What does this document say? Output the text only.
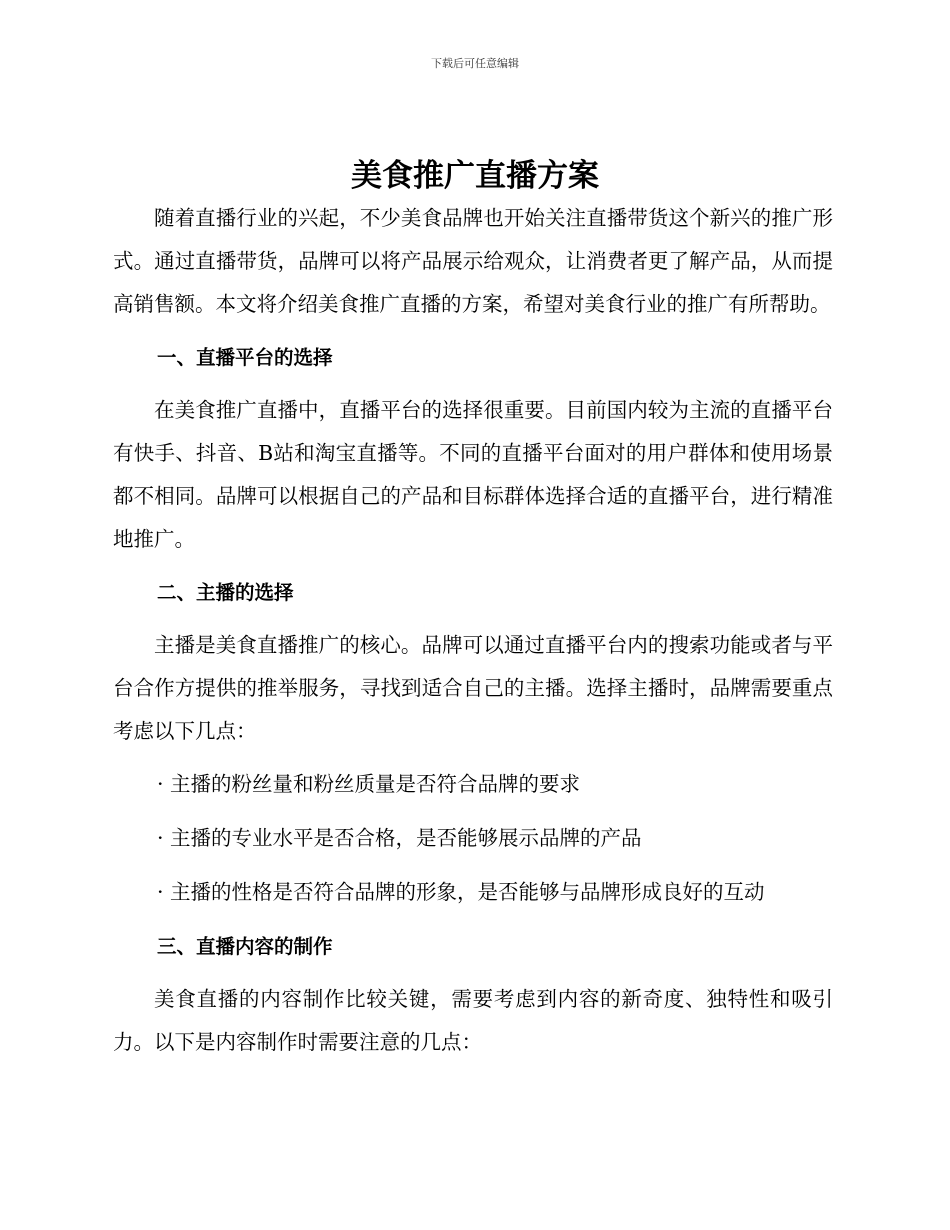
下载后可任意编辑
美食推广直播方案

随着直播行业的兴起，不少美食品牌也开始关注直播带货这个新兴的推广形式。通过直播带货，品牌可以将产品展示给观众，让消费者更了解产品，从而提高销售额。本文将介绍美食推广直播的方案，希望对美食行业的推广有所帮助。

一、直播平台的选择

在美食推广直播中，直播平台的选择很重要。目前国内较为主流的直播平台有快手、抖音、B站和淘宝直播等。不同的直播平台面对的用户群体和使用场景都不相同。品牌可以根据自己的产品和目标群体选择合适的直播平台，进行精准地推广。

二、主播的选择

主播是美食直播推广的核心。品牌可以通过直播平台内的搜索功能或者与平台合作方提供的推举服务，寻找到适合自己的主播。选择主播时，品牌需要重点考虑以下几点：

· 主播的粉丝量和粉丝质量是否符合品牌的要求
· 主播的专业水平是否合格，是否能够展示品牌的产品
· 主播的性格是否符合品牌的形象，是否能够与品牌形成良好的互动
三、直播内容的制作

美食直播的内容制作比较关键，需要考虑到内容的新奇度、独特性和吸引力。以下是内容制作时需要注意的几点：
